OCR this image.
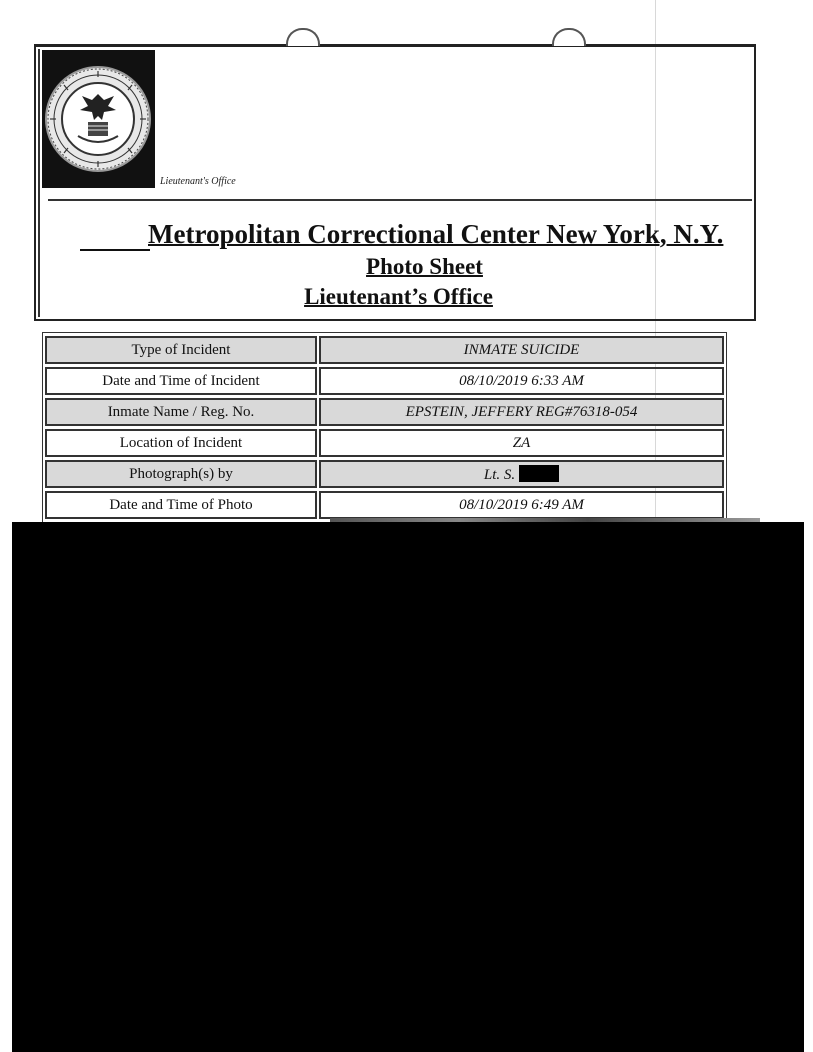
Lieutenant's Office
Metropolitan Correctional Center New York, N.Y.
Photo Sheet
Lieutenant’s Office
Type of Incident	INMATE SUICIDE
Date and Time of Incident	08/10/2019 6:33 AM
Inmate Name / Reg. No.	EPSTEIN, JEFFERY REG#76318-054
Location of Incident	ZA
Photograph(s) by	Lt. S.
Date and Time of Photo	08/10/2019 6:49 AM
